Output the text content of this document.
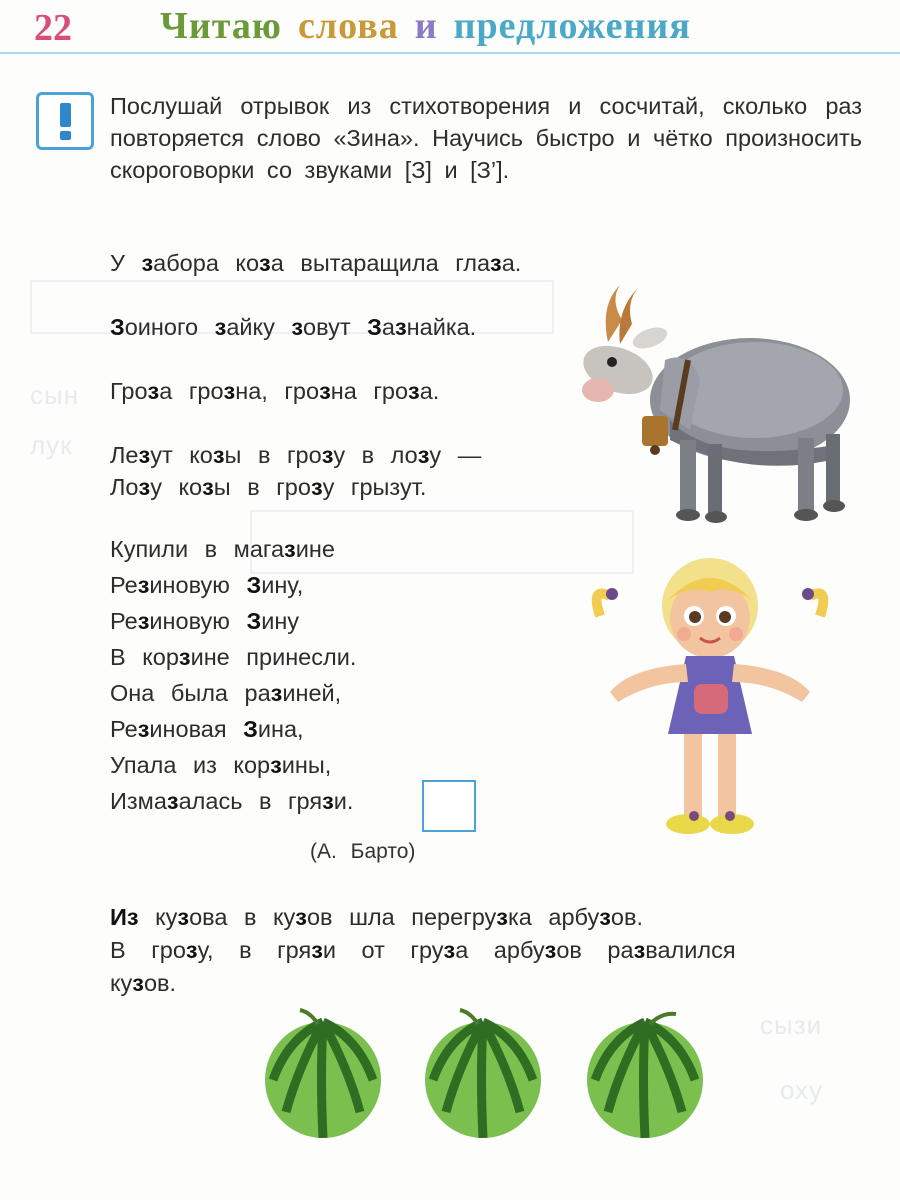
сын
лук
сызи
оху
22 Читаю слова и предложения
Послушай отрывок из стихотворения и сосчитай, сколько раз повторяется слово «Зина». Научись быстро и чётко произносить скороговорки со звуками [З] и [З’].
У забора коза вытаращила глаза.
Зоиного зайку зовут Зазнайка.
Гроза грозна, грозна гроза.
Лезут козы в грозу в лозу —
Лозу козы в грозу грызут.
Купили в магазине
Резиновую Зину,
Резиновую Зину
В корзине принесли.
Она была разиней,
Резиновая Зина,
Упала из корзины,
Измазалась в грязи.
(А. Барто)
Из кузова в кузов шла перегрузка арбузов.
В грозу, в грязи от груза арбузов развалился
кузов.
